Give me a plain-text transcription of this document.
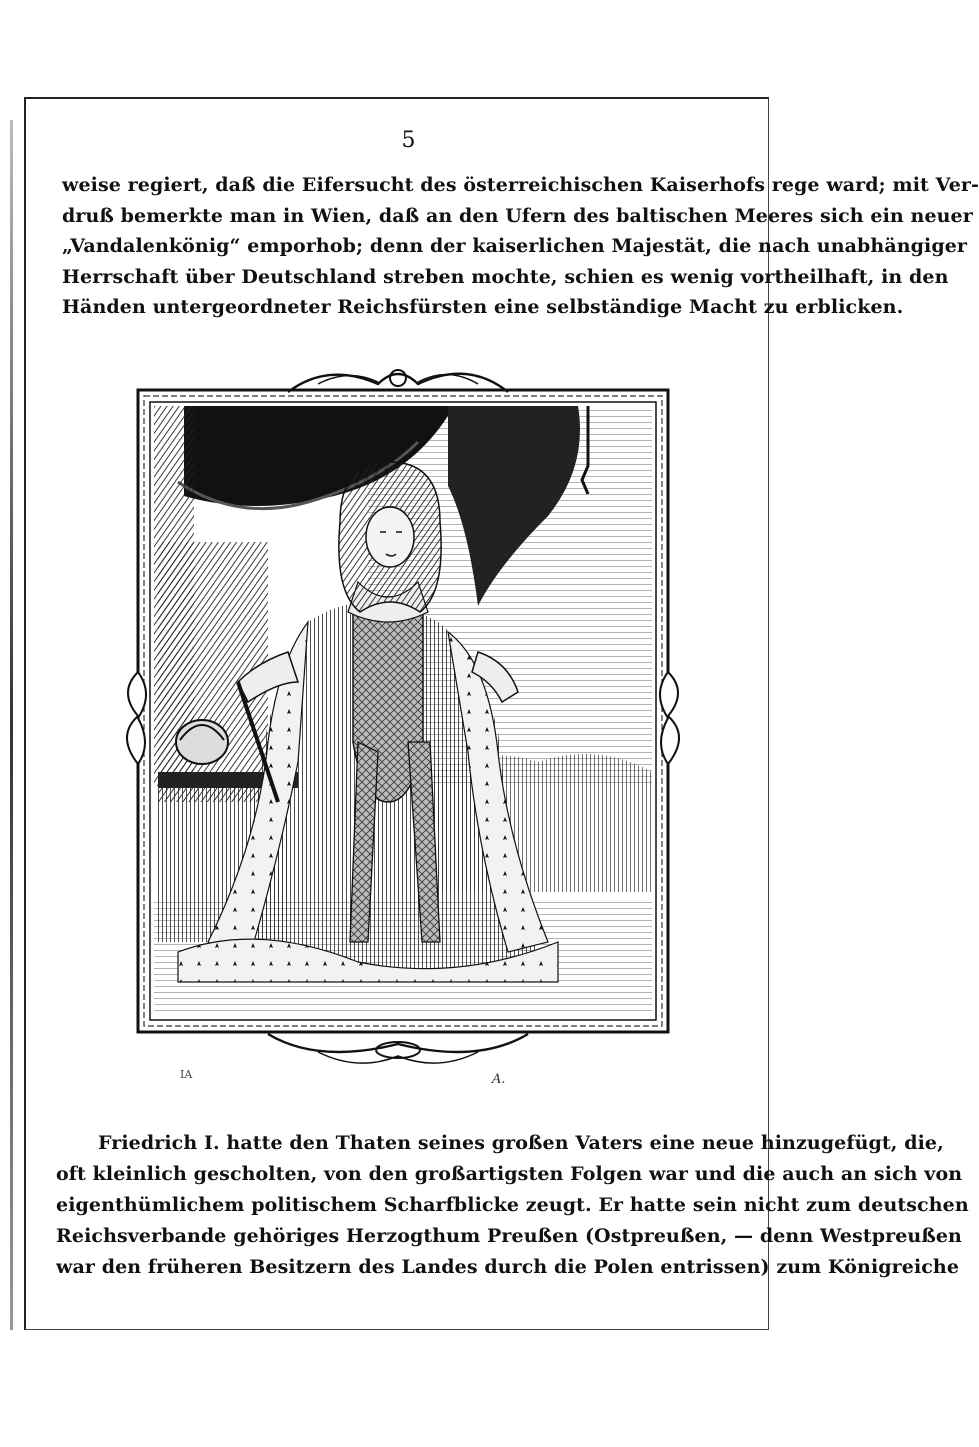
5
weise regiert, daß die Eifersucht des österreichischen Kaiserhofs rege ward; mit Ver-
druß bemerkte man in Wien, daß an den Ufern des baltischen Meeres sich ein neuer
„Vandalenkönig“ emporhob; denn der kaiserlichen Majestät, die nach unabhängiger
Herrschaft über Deutschland streben mochte, schien es wenig vortheilhaft, in den
Händen untergeordneter Reichsfürsten eine selbständige Macht zu erblicken.
IA	A.
Friedrich I. hatte den Thaten seines großen Vaters eine neue hinzugefügt, die,
oft kleinlich gescholten, von den großartigsten Folgen war und die auch an sich von
eigenthümlichem politischem Scharfblicke zeugt. Er hatte sein nicht zum deutschen
Reichsverbande gehöriges Herzogthum Preußen (Ostpreußen, — denn Westpreußen
war den früheren Besitzern des Landes durch die Polen entrissen) zum Königreiche
